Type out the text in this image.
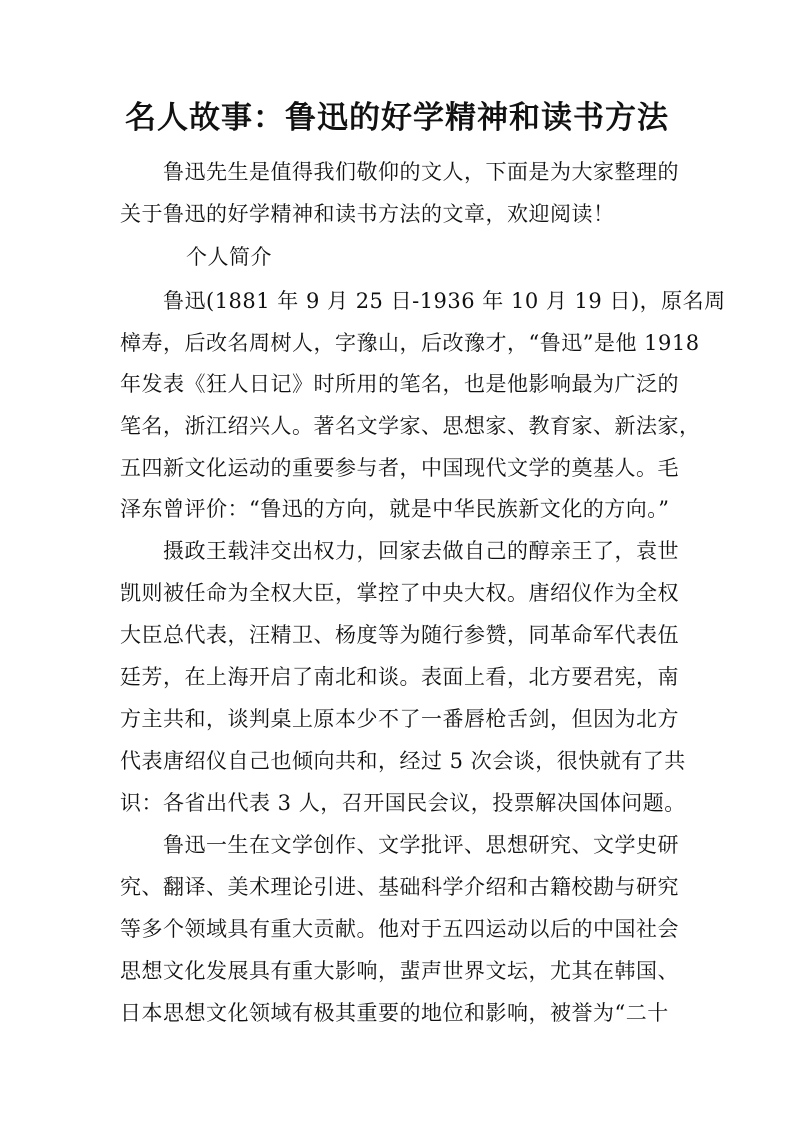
名人故事：鲁迅的好学精神和读书方法
鲁迅先生是值得我们敬仰的文人，下面是为大家整理的
关于鲁迅的好学精神和读书方法的文章，欢迎阅读！
个人简介
鲁迅(1881 年 9 月 25 日-1936 年 10 月 19 日)，原名周
樟寿，后改名周树人，字豫山，后改豫才，“鲁迅”是他 1918
年发表《狂人日记》时所用的笔名，也是他影响最为广泛的
笔名，浙江绍兴人。著名文学家、思想家、教育家、新法家，
五四新文化运动的重要参与者，中国现代文学的奠基人。毛
泽东曾评价：“鲁迅的方向，就是中华民族新文化的方向。”
摄政王载沣交出权力，回家去做自己的醇亲王了，袁世
凯则被任命为全权大臣，掌控了中央大权。唐绍仪作为全权
大臣总代表，汪精卫、杨度等为随行参赞，同革命军代表伍
廷芳，在上海开启了南北和谈。表面上看，北方要君宪，南
方主共和，谈判桌上原本少不了一番唇枪舌剑，但因为北方
代表唐绍仪自己也倾向共和，经过 5 次会谈，很快就有了共
识：各省出代表 3 人，召开国民会议，投票解决国体问题。
鲁迅一生在文学创作、文学批评、思想研究、文学史研
究、翻译、美术理论引进、基础科学介绍和古籍校勘与研究
等多个领域具有重大贡献。他对于五四运动以后的中国社会
思想文化发展具有重大影响，蜚声世界文坛，尤其在韩国、
日本思想文化领域有极其重要的地位和影响，被誉为“二十
